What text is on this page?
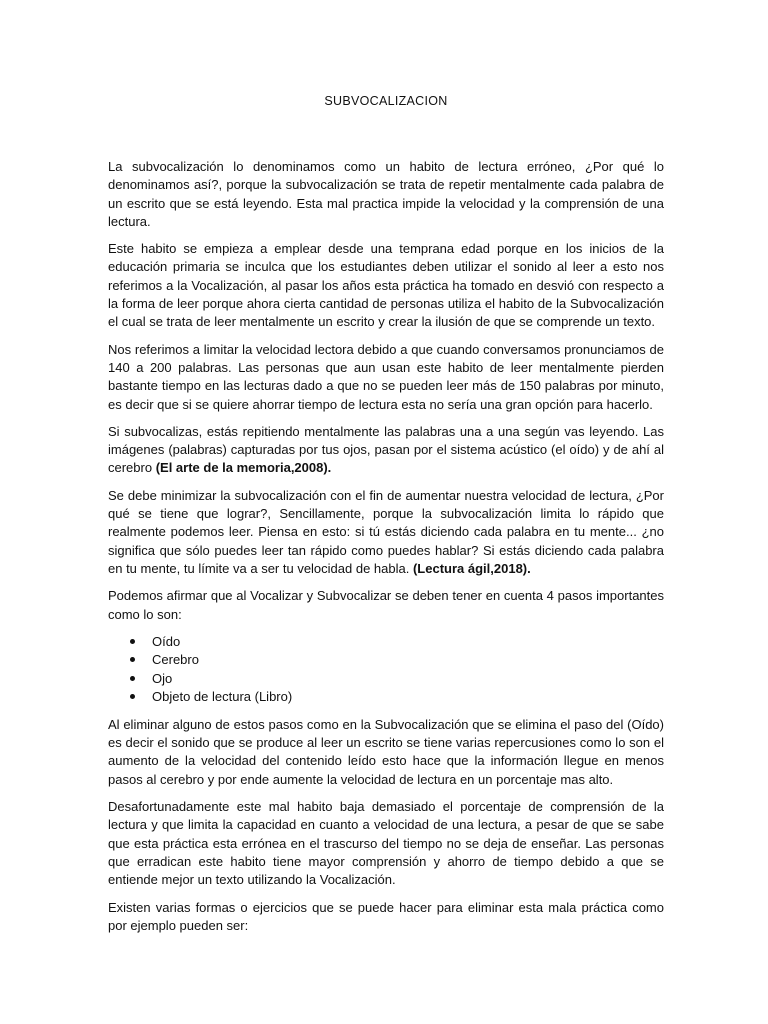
SUBVOCALIZACION

La subvocalización lo denominamos como un habito de lectura erróneo, ¿Por qué lo denominamos así?, porque la subvocalización se trata de repetir mentalmente cada palabra de un escrito que se está leyendo. Esta mal practica impide la velocidad y la comprensión de una lectura.

Este habito se empieza a emplear desde una temprana edad porque en los inicios de la educación primaria se inculca que los estudiantes deben utilizar el sonido al leer a esto nos referimos a la Vocalización, al pasar los años esta práctica ha tomado en desvió con respecto a la forma de leer porque ahora cierta cantidad de personas utiliza el habito de la Subvocalización el cual se trata de leer mentalmente un escrito y crear la ilusión de que se comprende un texto.

Nos referimos a limitar la velocidad lectora debido a que cuando conversamos pronunciamos de 140 a 200 palabras. Las personas que aun usan este habito de leer mentalmente pierden bastante tiempo en las lecturas dado a que no se pueden leer más de 150 palabras por minuto, es decir que si se quiere ahorrar tiempo de lectura esta no sería una gran opción para hacerlo.

Si subvocalizas, estás repitiendo mentalmente las palabras una a una según vas leyendo. Las imágenes (palabras) capturadas por tus ojos, pasan por el sistema acústico (el oído) y de ahí al cerebro (El arte de la memoria,2008).

Se debe minimizar la subvocalización con el fin de aumentar nuestra velocidad de lectura, ¿Por qué se tiene que lograr?, Sencillamente, porque la subvocalización limita lo rápido que realmente podemos leer. Piensa en esto: si tú estás diciendo cada palabra en tu mente... ¿no significa que sólo puedes leer tan rápido como puedes hablar? Si estás diciendo cada palabra en tu mente, tu límite va a ser tu velocidad de habla. (Lectura ágil,2018).

Podemos afirmar que al Vocalizar y Subvocalizar se deben tener en cuenta 4 pasos importantes como lo son:

Oído
Cerebro
Ojo
Objeto de lectura (Libro)

Al eliminar alguno de estos pasos como en la Subvocalización que se elimina el paso del (Oído) es decir el sonido que se produce al leer un escrito se tiene varias repercusiones como lo son el aumento de la velocidad del contenido leído esto hace que la información llegue en menos pasos al cerebro y por ende aumente la velocidad de lectura en un porcentaje mas alto.

Desafortunadamente este mal habito baja demasiado el porcentaje de comprensión de la lectura y que limita la capacidad en cuanto a velocidad de una lectura, a pesar de que se sabe que esta práctica esta errónea en el trascurso del tiempo no se deja de enseñar. Las personas que erradican este habito tiene mayor comprensión y ahorro de tiempo debido a que se entiende mejor un texto utilizando la Vocalización.

Existen varias formas o ejercicios que se puede hacer para eliminar esta mala práctica como por ejemplo pueden ser:
